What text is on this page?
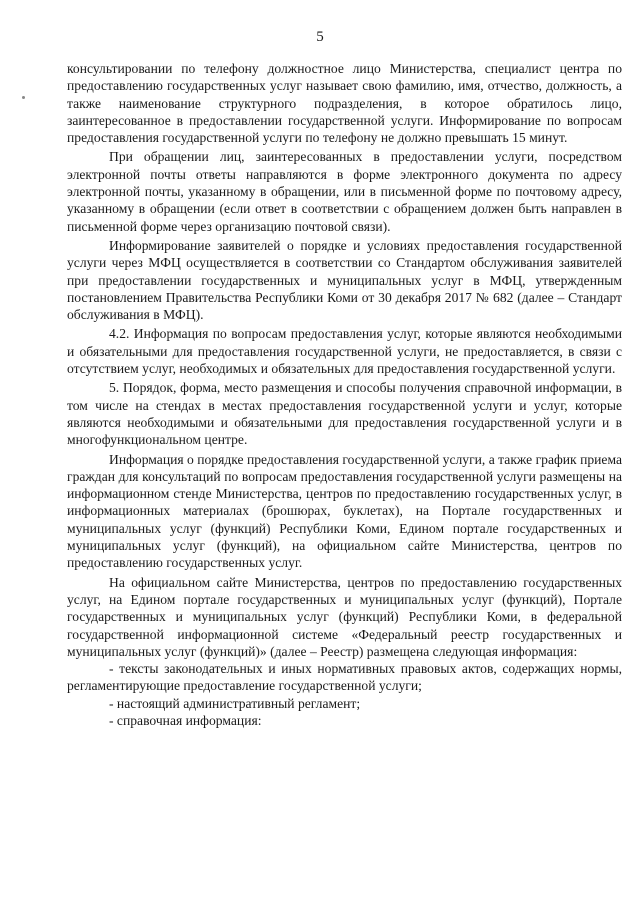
5

консультировании по телефону должностное лицо Министерства, специалист центра по предоставлению государственных услуг называет свою фамилию, имя, отчество, должность, а также наименование структурного подразделения, в которое обратилось лицо, заинтересованное в предоставлении государственной услуги. Информирование по вопросам предоставления государственной услуги по телефону не должно превышать 15 минут.

При обращении лиц, заинтересованных в предоставлении услуги, посредством электронной почты ответы направляются в форме электронного документа по адресу электронной почты, указанному в обращении, или в письменной форме по почтовому адресу, указанному в обращении (если ответ в соответствии с обращением должен быть направлен в письменной форме через организацию почтовой связи).

Информирование заявителей о порядке и условиях предоставления государственной услуги через МФЦ осуществляется в соответствии со Стандартом обслуживания заявителей при предоставлении государственных и муниципальных услуг в МФЦ, утвержденным постановлением Правительства Республики Коми от 30 декабря 2017 № 682 (далее – Стандарт обслуживания в МФЦ).

4.2. Информация по вопросам предоставления услуг, которые являются необходимыми и обязательными для предоставления государственной услуги, не предоставляется, в связи с отсутствием услуг, необходимых и обязательных для предоставления государственной услуги.

5. Порядок, форма, место размещения и способы получения справочной информации, в том числе на стендах в местах предоставления государственной услуги и услуг, которые являются необходимыми и обязательными для предоставления государственной услуги и в многофункциональном центре.

Информация о порядке предоставления государственной услуги, а также график приема граждан для консультаций по вопросам предоставления государственной услуги размещены на информационном стенде Министерства, центров по предоставлению государственных услуг, в информационных материалах (брошюрах, буклетах), на Портале государственных и муниципальных услуг (функций) Республики Коми, Едином портале государственных и муниципальных услуг (функций), на официальном сайте Министерства, центров по предоставлению государственных услуг.

На официальном сайте Министерства, центров по предоставлению государственных услуг, на Едином портале государственных и муниципальных услуг (функций), Портале государственных и муниципальных услуг (функций) Республики Коми, в федеральной государственной информационной системе «Федеральный реестр государственных и муниципальных услуг (функций)» (далее – Реестр) размещена следующая информация:

- тексты законодательных и иных нормативных правовых актов, содержащих нормы, регламентирующие предоставление государственной услуги;

- настоящий административный регламент;

- справочная информация:
